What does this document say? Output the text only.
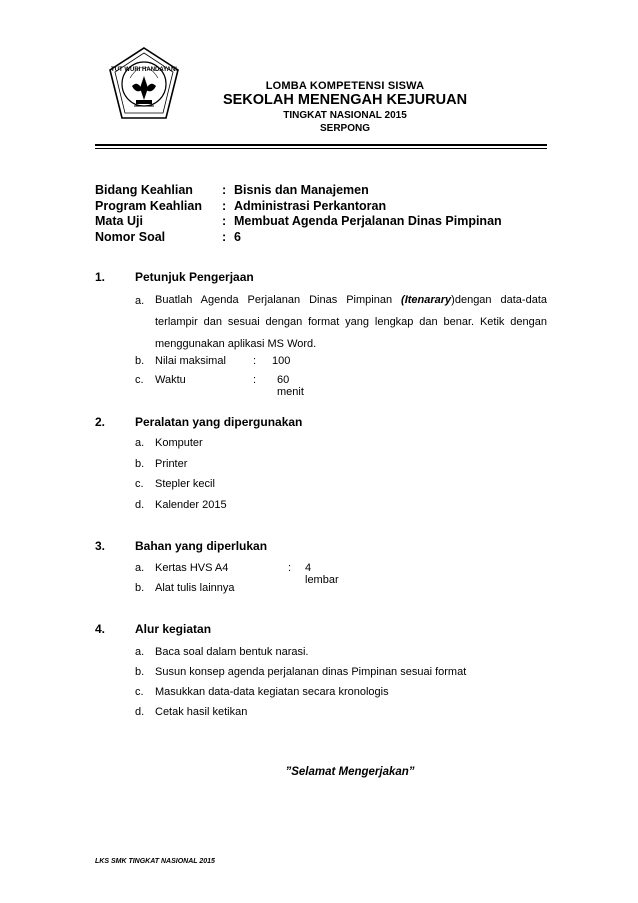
TUT WURI HANDAYANI
LOMBA KOMPETENSI SISWA
SEKOLAH MENENGAH KEJURUAN
TINGKAT NASIONAL 2015
SERPONG
Bidang Keahlian	: Bisnis dan Manajemen
Program Keahlian	: Administrasi Perkantoran
Mata Uji	: Membuat Agenda Perjalanan Dinas Pimpinan
Nomor Soal	: 6
1. Petunjuk Pengerjaan
a. Buatlah Agenda Perjalanan Dinas Pimpinan (Itenarary)dengan data-data terlampir dan sesuai dengan format yang lengkap dan benar. Ketik dengan menggunakan aplikasi MS Word.
b. Nilai maksimal : 100
c. Waktu	: 60 menit
2. Peralatan yang dipergunakan
a. Komputer
b. Printer
c. Stepler kecil
d. Kalender 2015
3. Bahan yang diperlukan
a. Kertas HVS A4	: 4 lembar
b. Alat tulis lainnya
4. Alur kegiatan
a. Baca soal dalam bentuk narasi.
b. Susun konsep agenda perjalanan dinas Pimpinan sesuai format
c. Masukkan data-data kegiatan secara kronologis
d. Cetak hasil ketikan
”Selamat Mengerjakan”
LKS SMK TINGKAT NASIONAL 2015
